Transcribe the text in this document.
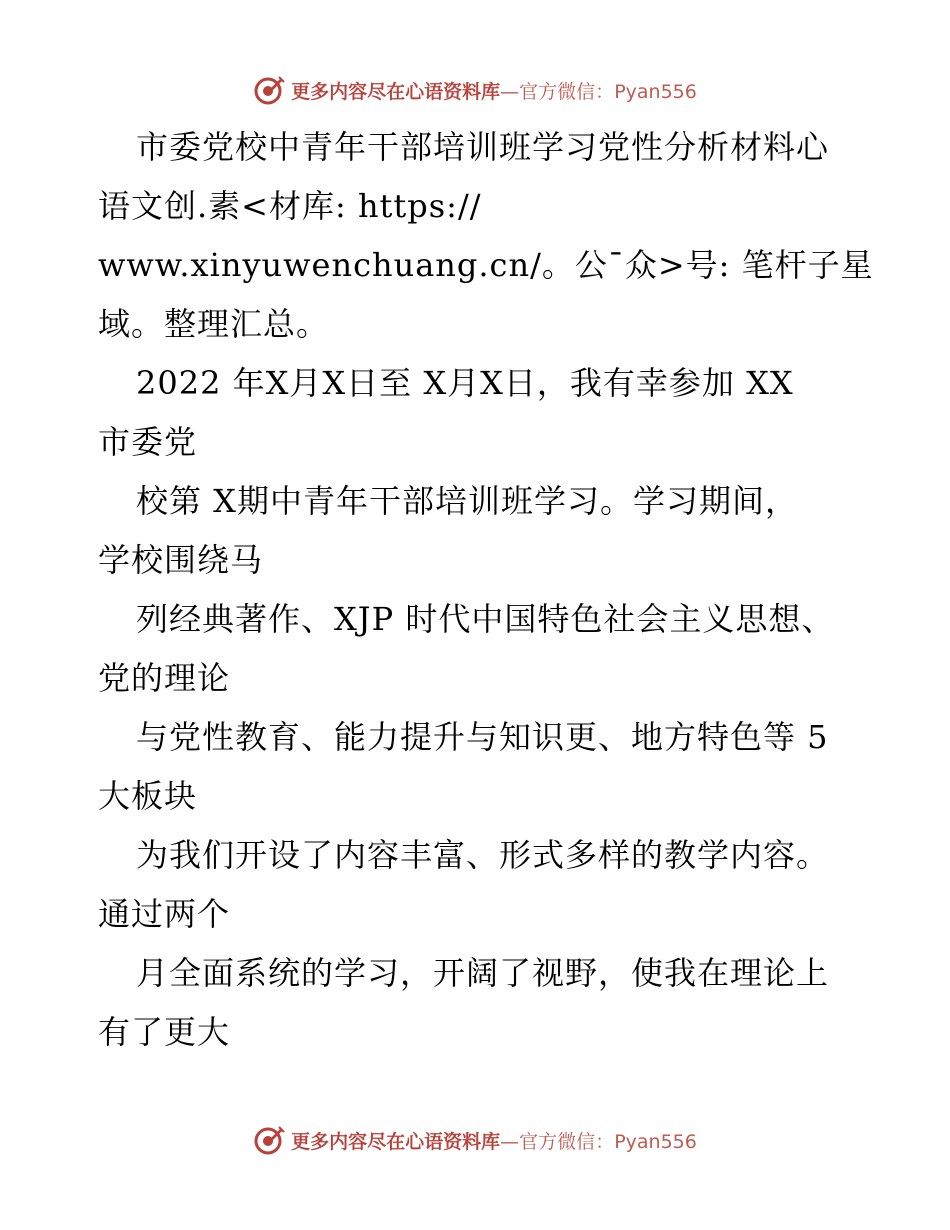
更多内容尽在心语资料库—官方微信：Pyan556
市委党校中青年干部培训班学习党性分析材料心
语文创.素<材库: https://
www.xinyuwenchuang.cn/。公¯众>号: 笔杆子星
域。整理汇总。
2022 年X月X日至 X月X日，我有幸参加 XX
市委党
校第 X期中青年干部培训班学习。学习期间，
学校围绕马
列经典著作、XJP 时代中国特色社会主义思想、
党的理论
与党性教育、能力提升与知识更、地方特色等 5
大板块
为我们开设了内容丰富、形式多样的教学内容。
通过两个
月全面系统的学习，开阔了视野，使我在理论上
有了更大
更多内容尽在心语资料库—官方微信：Pyan556
